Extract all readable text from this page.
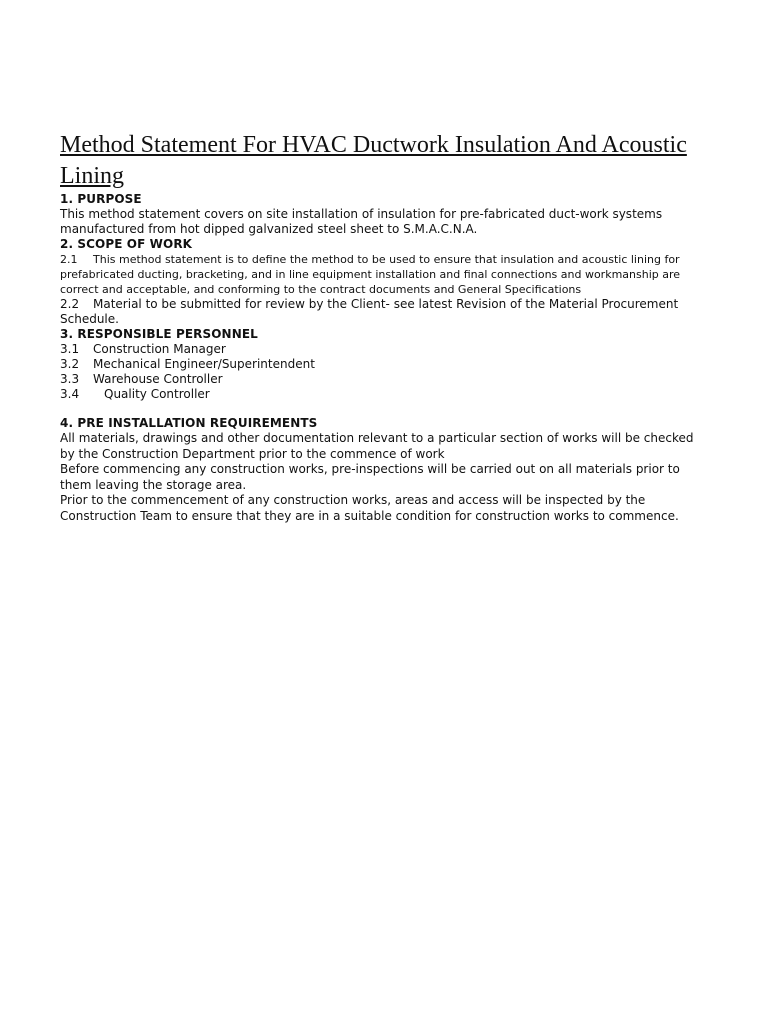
Method Statement For HVAC Ductwork Insulation And Acoustic Lining

1. PURPOSE

This method statement covers on site installation of insulation for pre-fabricated duct-work systems manufactured from hot dipped galvanized steel sheet to S.M.A.C.N.A.

2. SCOPE OF WORK

2.1 This method statement is to define the method to be used to ensure that insulation and acoustic lining for prefabricated ducting, bracketing, and in line equipment installation and final connections and workmanship are correct and acceptable, and conforming to the contract documents and General Specifications

2.2 Material to be submitted for review by the Client- see latest Revision of the Material Procurement Schedule.

3. RESPONSIBLE PERSONNEL

3.1 Construction Manager

3.2 Mechanical Engineer/Superintendent

3.3 Warehouse Controller

3.4 Quality Controller

4. PRE INSTALLATION REQUIREMENTS

All materials, drawings and other documentation relevant to a particular section of works will be checked by the Construction Department prior to the commence of work

Before commencing any construction works, pre-inspections will be carried out on all materials prior to them leaving the storage area.

Prior to the commencement of any construction works, areas and access will be inspected by the Construction Team to ensure that they are in a suitable condition for construction works to commence.
